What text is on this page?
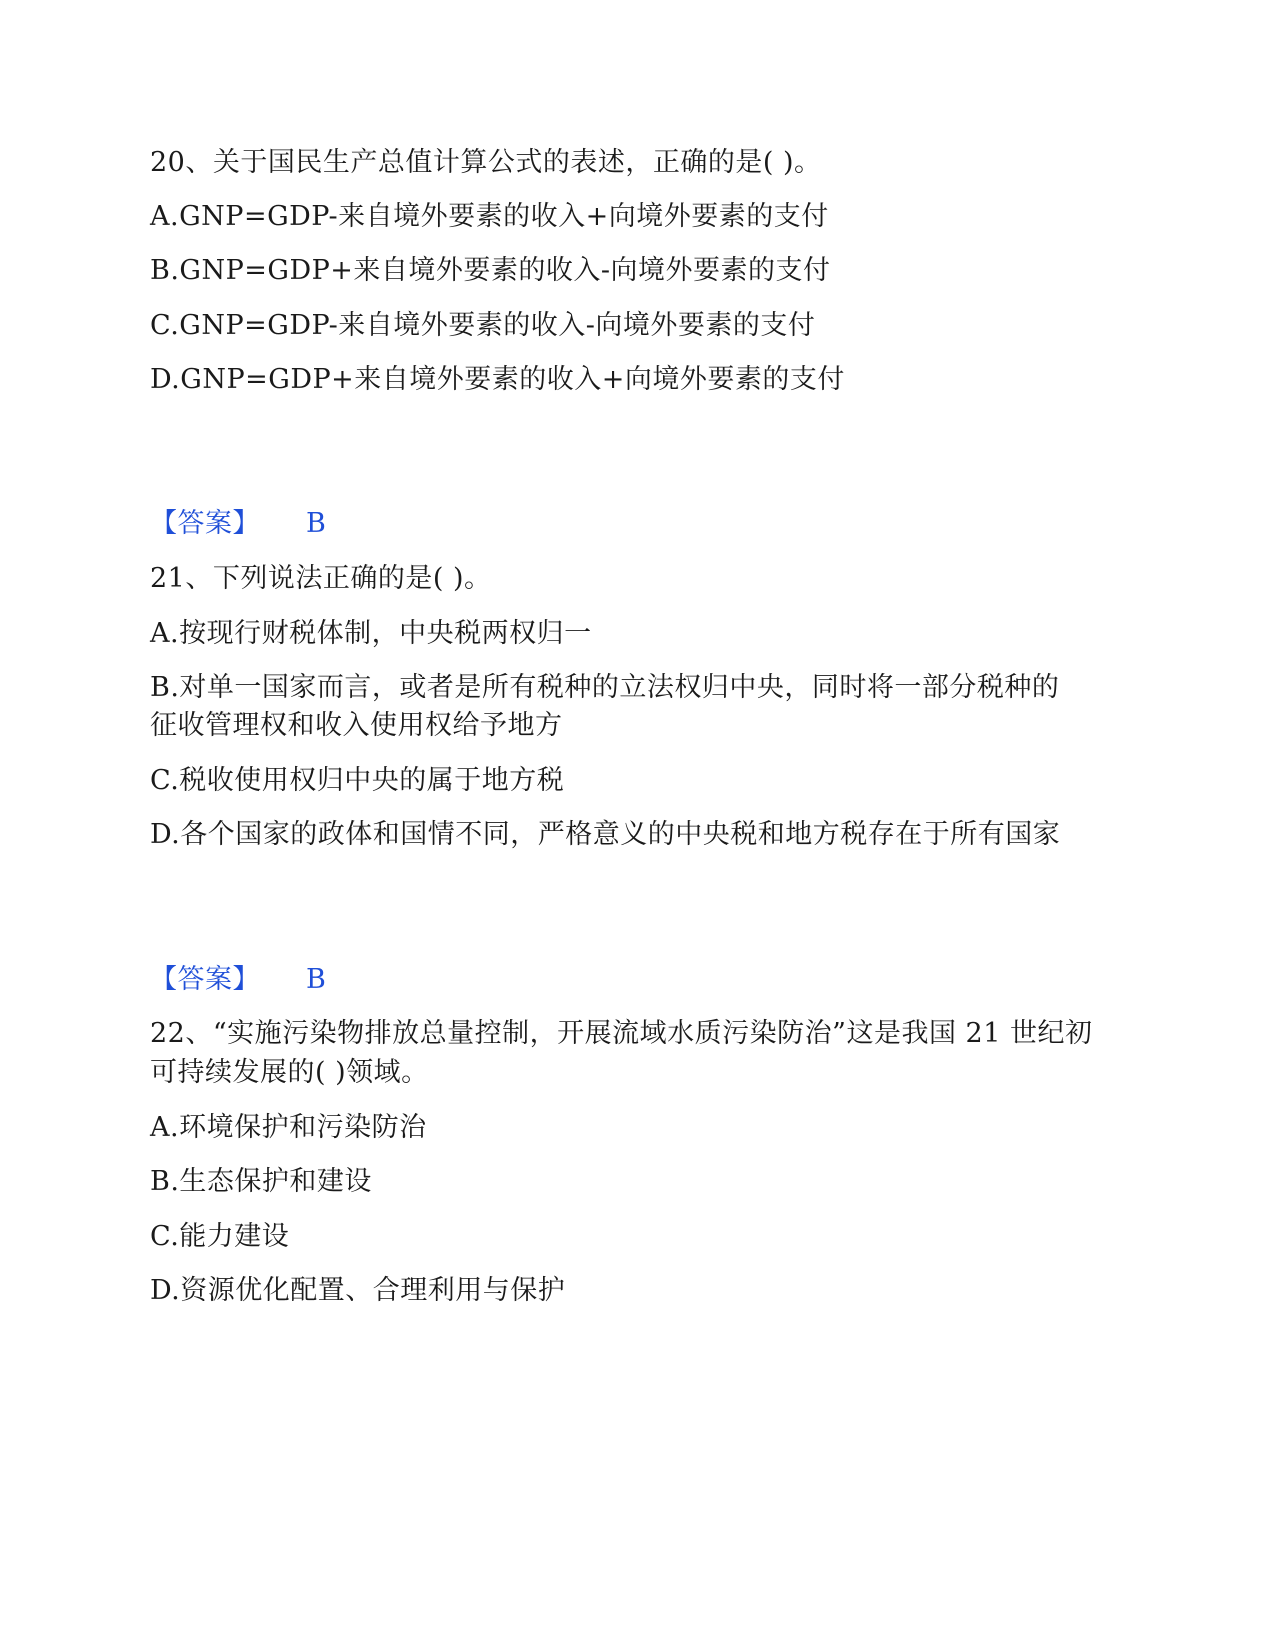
20、关于国民生产总值计算公式的表述，正确的是( )。
A.GNP=GDP-来自境外要素的收入+向境外要素的支付
B.GNP=GDP+来自境外要素的收入-向境外要素的支付
C.GNP=GDP-来自境外要素的收入-向境外要素的支付
D.GNP=GDP+来自境外要素的收入+向境外要素的支付
【答案】 B
21、下列说法正确的是( )。
A.按现行财税体制，中央税两权归一
B.对单一国家而言，或者是所有税种的立法权归中央，同时将一部分税种的
征收管理权和收入使用权给予地方
C.税收使用权归中央的属于地方税
D.各个国家的政体和国情不同，严格意义的中央税和地方税存在于所有国家
【答案】 B
22、“实施污染物排放总量控制，开展流域水质污染防治”这是我国 21 世纪初
可持续发展的( )领域。
A.环境保护和污染防治
B.生态保护和建设
C.能力建设
D.资源优化配置、合理利用与保护
